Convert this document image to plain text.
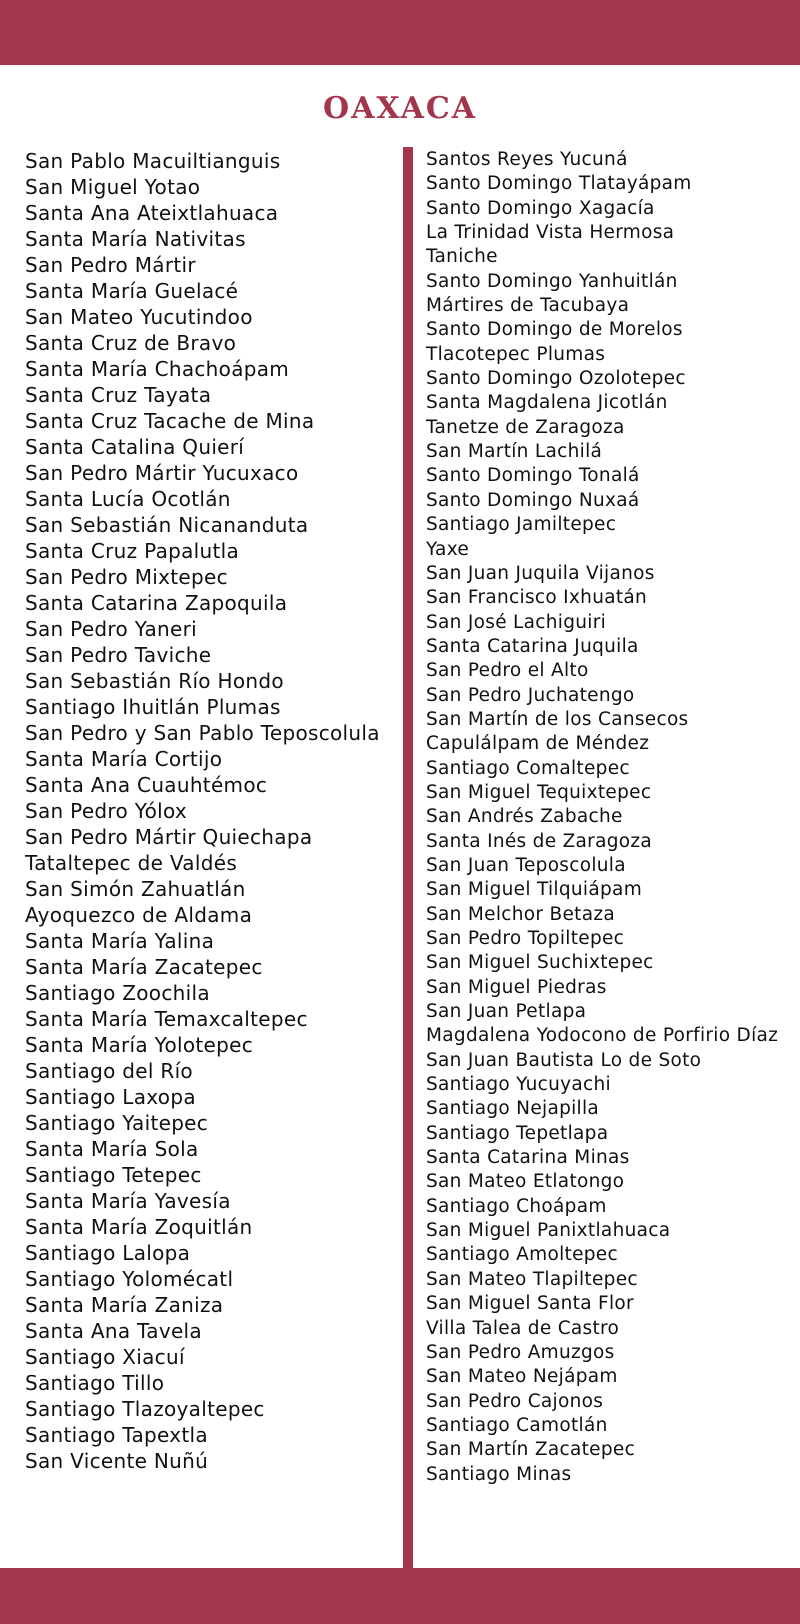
OAXACA
San Pablo Macuiltianguis
San Miguel Yotao
Santa Ana Ateixtlahuaca
Santa María Nativitas
San Pedro Mártir
Santa María Guelacé
San Mateo Yucutindoo
Santa Cruz de Bravo
Santa María Chachoápam
Santa Cruz Tayata
Santa Cruz Tacache de Mina
Santa Catalina Quierí
San Pedro Mártir Yucuxaco
Santa Lucía Ocotlán
San Sebastián Nicananduta
Santa Cruz Papalutla
San Pedro Mixtepec
Santa Catarina Zapoquila
San Pedro Yaneri
San Pedro Taviche
San Sebastián Río Hondo
Santiago Ihuitlán Plumas
San Pedro y San Pablo Teposcolula
Santa María Cortijo
Santa Ana Cuauhtémoc
San Pedro Yólox
San Pedro Mártir Quiechapa
Tataltepec de Valdés
San Simón Zahuatlán
Ayoquezco de Aldama
Santa María Yalina
Santa María Zacatepec
Santiago Zoochila
Santa María Temaxcaltepec
Santa María Yolotepec
Santiago del Río
Santiago Laxopa
Santiago Yaitepec
Santa María Sola
Santiago Tetepec
Santa María Yavesía
Santa María Zoquitlán
Santiago Lalopa
Santiago Yolomécatl
Santa María Zaniza
Santa Ana Tavela
Santiago Xiacuí
Santiago Tillo
Santiago Tlazoyaltepec
Santiago Tapextla
San Vicente Nuñú
Santos Reyes Yucuná
Santo Domingo Tlatayápam
Santo Domingo Xagacía
La Trinidad Vista Hermosa
Taniche
Santo Domingo Yanhuitlán
Mártires de Tacubaya
Santo Domingo de Morelos
Tlacotepec Plumas
Santo Domingo Ozolotepec
Santa Magdalena Jicotlán
Tanetze de Zaragoza
San Martín Lachilá
Santo Domingo Tonalá
Santo Domingo Nuxaá
Santiago Jamiltepec
Yaxe
San Juan Juquila Vijanos
San Francisco Ixhuatán
San José Lachiguiri
Santa Catarina Juquila
San Pedro el Alto
San Pedro Juchatengo
San Martín de los Cansecos
Capulálpam de Méndez
Santiago Comaltepec
San Miguel Tequixtepec
San Andrés Zabache
Santa Inés de Zaragoza
San Juan Teposcolula
San Miguel Tilquiápam
San Melchor Betaza
San Pedro Topiltepec
San Miguel Suchixtepec
San Miguel Piedras
San Juan Petlapa
Magdalena Yodocono de Porfirio Díaz
San Juan Bautista Lo de Soto
Santiago Yucuyachi
Santiago Nejapilla
Santiago Tepetlapa
Santa Catarina Minas
San Mateo Etlatongo
Santiago Choápam
San Miguel Panixtlahuaca
Santiago Amoltepec
San Mateo Tlapiltepec
San Miguel Santa Flor
Villa Talea de Castro
San Pedro Amuzgos
San Mateo Nejápam
San Pedro Cajonos
Santiago Camotlán
San Martín Zacatepec
Santiago Minas
